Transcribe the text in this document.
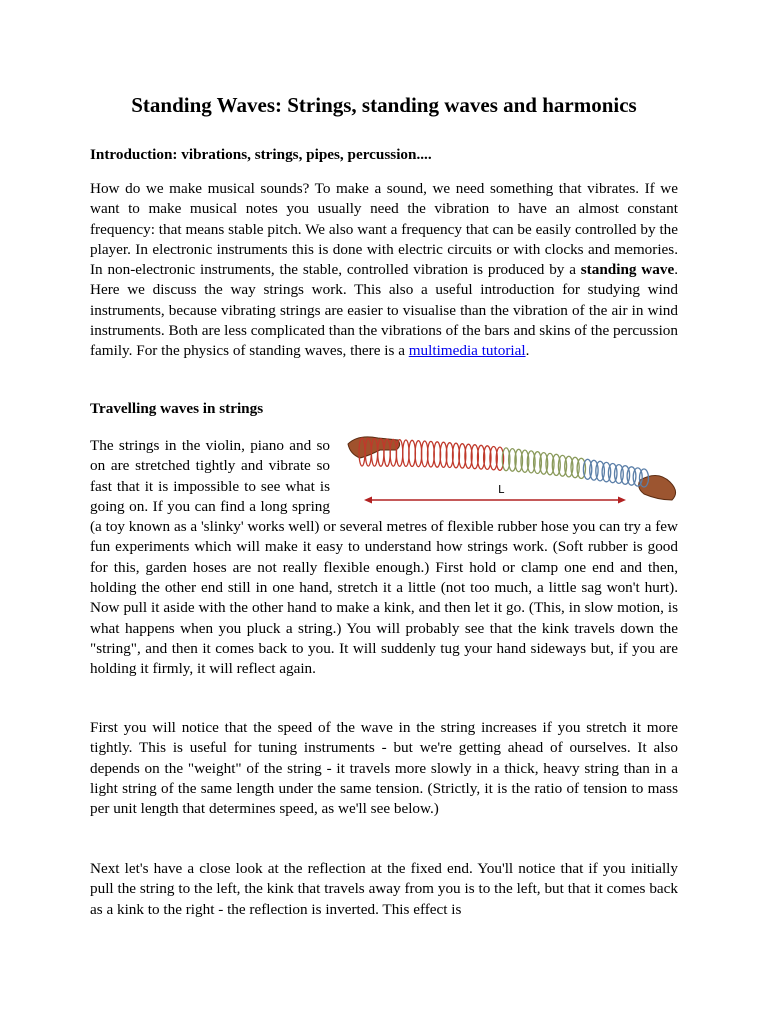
Standing Waves: Strings, standing waves and harmonics
Introduction: vibrations, strings, pipes, percussion....

How do we make musical sounds? To make a sound, we need something that vibrates. If we want to make musical notes you usually need the vibration to have an almost constant frequency: that means stable pitch. We also want a frequency that can be easily controlled by the player. In electronic instruments this is done with electric circuits or with clocks and memories. In non-electronic instruments, the stable, controlled vibration is produced by a standing wave. Here we discuss the way strings work. This also a useful introduction for studying wind instruments, because vibrating strings are easier to visualise than the vibration of the air in wind instruments. Both are less complicated than the vibrations of the bars and skins of the percussion family. For the physics of standing waves, there is a multimedia tutorial.

Travelling waves in strings
L
The strings in the violin, piano and so on are stretched tightly and vibrate so fast that it is impossible to see what is going on. If you can find a long spring (a toy known as a 'slinky' works well) or several metres of flexible rubber hose you can try a few fun experiments which will make it easy to understand how strings work. (Soft rubber is good for this, garden hoses are not really flexible enough.) First hold or clamp one end and then, holding the other end still in one hand, stretch it a little (not too much, a little sag won't hurt). Now pull it aside with the other hand to make a kink, and then let it go. (This, in slow motion, is what happens when you pluck a string.) You will probably see that the kink travels down the "string", and then it comes back to you. It will suddenly tug your hand sideways but, if you are holding it firmly, it will reflect again.

First you will notice that the speed of the wave in the string increases if you stretch it more tightly. This is useful for tuning instruments - but we're getting ahead of ourselves. It also depends on the "weight" of the string - it travels more slowly in a thick, heavy string than in a light string of the same length under the same tension. (Strictly, it is the ratio of tension to mass per unit length that determines speed, as we'll see below.)

Next let's have a close look at the reflection at the fixed end. You'll notice that if you initially pull the string to the left, the kink that travels away from you is to the left, but that it comes back as a kink to the right - the reflection is inverted. This effect is
